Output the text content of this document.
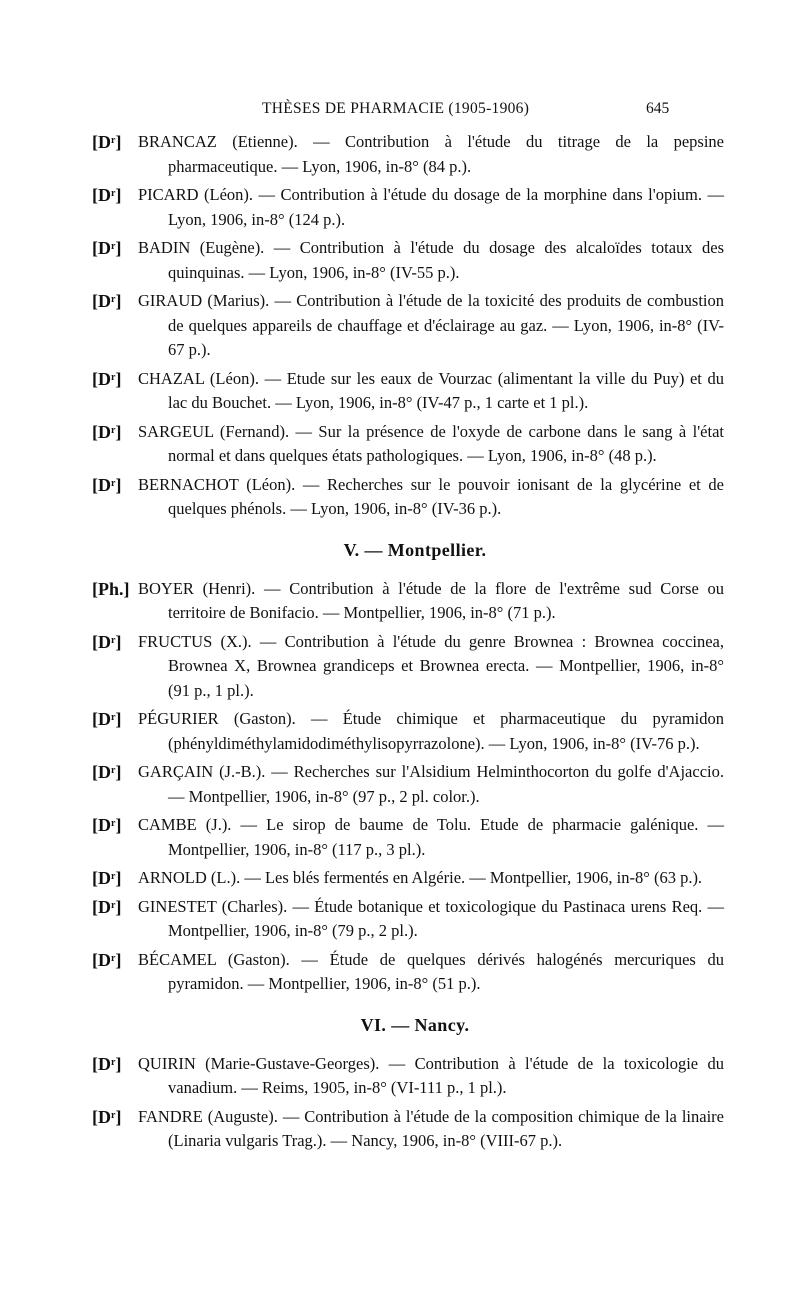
THÈSES DE PHARMACIE (1905-1906)	645
$[D^r]$ BRANCAZ (Etienne). — Contribution à l'étude du titrage de la pepsine pharmaceutique. — Lyon, 1906, in-8° (84 p.).
$[D^r]$ PICARD (Léon). — Contribution à l'étude du dosage de la morphine dans l'opium. — Lyon, 1906, in-8° (124 p.).
$[D^r]$ BADIN (Eugène). — Contribution à l'étude du dosage des alcaloïdes totaux des quinquinas. — Lyon, 1906, in-8° (IV-55 p.).
$[D^r]$ GIRAUD (Marius). — Contribution à l'étude de la toxicité des produits de combustion de quelques appareils de chauffage et d'éclairage au gaz. — Lyon, 1906, in-8° (IV-67 p.).
$[D^r]$ CHAZAL (Léon). — Etude sur les eaux de Vourzac (alimentant la ville du Puy) et du lac du Bouchet. — Lyon, 1906, in-8° (IV-47 p., 1 carte et 1 pl.).
$[D^r]$ SARGEUL (Fernand). — Sur la présence de l'oxyde de carbone dans le sang à l'état normal et dans quelques états pathologiques. — Lyon, 1906, in-8° (48 p.).
$[D^r]$ BERNACHOT (Léon). — Recherches sur le pouvoir ionisant de la glycérine et de quelques phénols. — Lyon, 1906, in-8° (IV-36 p.).
V. — Montpellier.
[Ph.] BOYER (Henri). — Contribution à l'étude de la flore de l'extrême sud Corse ou territoire de Bonifacio. — Montpellier, 1906, in-8° (71 p.).
$[D^r]$ FRUCTUS (X.). — Contribution à l'étude du genre Brownea : Brownea coccinea, Brownea X, Brownea grandiceps et Brownea erecta. — Montpellier, 1906, in-8° (91 p., 1 pl.).
$[D^r]$ PÉGURIER (Gaston). — Étude chimique et pharmaceutique du pyramidon (phényldiméthylamidodiméthylisopyrrazolone). — Lyon, 1906, in-8° (IV-76 p.).
$[D^r]$ GARÇAIN (J.-B.). — Recherches sur l'Alsidium Helminthocorton du golfe d'Ajaccio. — Montpellier, 1906, in-8° (97 p., 2 pl. color.).
$[D^r]$ CAMBE (J.). — Le sirop de baume de Tolu. Etude de pharmacie galénique. — Montpellier, 1906, in-8° (117 p., 3 pl.).
$[D^r]$ ARNOLD (L.). — Les blés fermentés en Algérie. — Montpellier, 1906, in-8° (63 p.).
$[D^r]$ GINESTET (Charles). — Étude botanique et toxicologique du Pastinaca urens Req. — Montpellier, 1906, in-8° (79 p., 2 pl.).
$[D^r]$ BÉCAMEL (Gaston). — Étude de quelques dérivés halogénés mercuriques du pyramidon. — Montpellier, 1906, in-8° (51 p.).
VI. — Nancy.
$[D^r]$ QUIRIN (Marie-Gustave-Georges). — Contribution à l'étude de la toxicologie du vanadium. — Reims, 1905, in-8° (VI-111 p., 1 pl.).
$[D^r]$ FANDRE (Auguste). — Contribution à l'étude de la composition chimique de la linaire (Linaria vulgaris Trag.). — Nancy, 1906, in-8° (VIII-67 p.).
